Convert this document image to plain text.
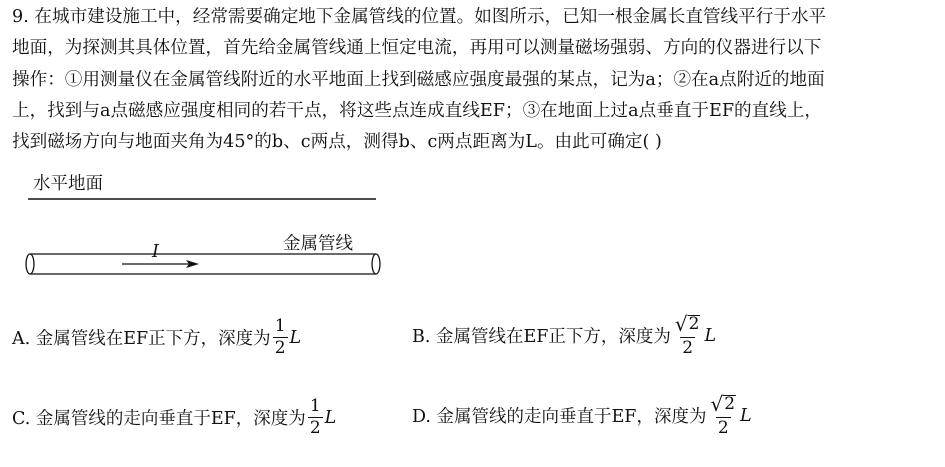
9. 在城市建设施工中，经常需要确定地下金属管线的位置。如图所示，已知一根金属长直管线平行于水平
地面，为探测其具体位置，首先给金属管线通上恒定电流，再用可以测量磁场强弱、方向的仪器进行以下
操作：①用测量仪在金属管线附近的水平地面上找到磁感应强度最强的某点，记为a；②在a点附近的地面
上，找到与a点磁感应强度相同的若干点，将这些点连成直线EF；③在地面上过a点垂直于EF的直线上，
找到磁场方向与地面夹角为45°的b、c两点，测得b、c两点距离为L。由此可确定( )
水平地面
金属管线
I
A. 金属管线在EF正下方，深度为 $\frac{1}{2}$ L	B. 金属管线在EF正下方，深度为 $\frac{√ 2}{2}$ L
C. 金属管线的走向垂直于EF，深度为 $\frac{1}{2}$ L	D. 金属管线的走向垂直于EF，深度为 $\frac{√ 2}{2}$ L
